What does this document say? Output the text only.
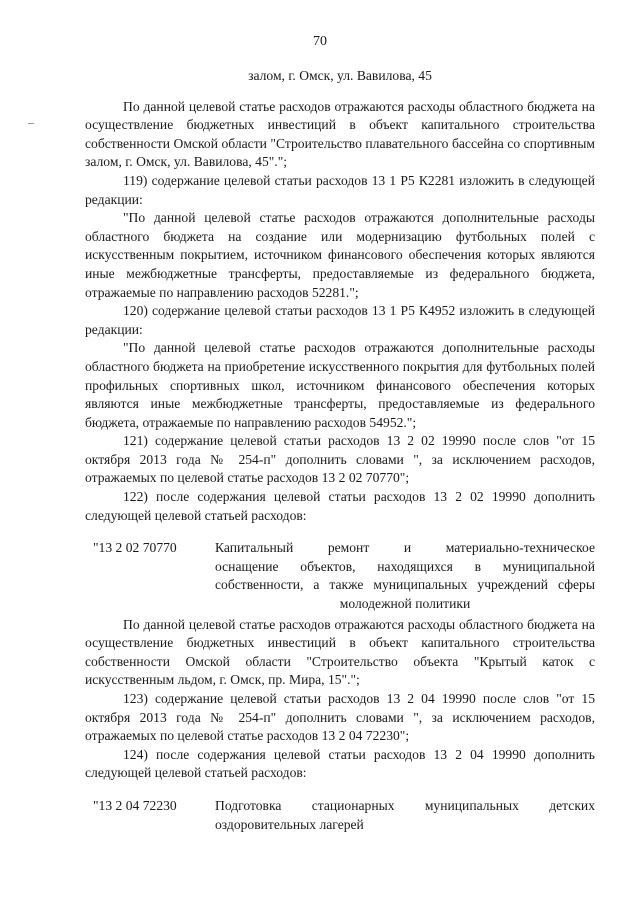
70

залом, г. Омск, ул. Вавилова, 45

По данной целевой статье расходов отражаются расходы областного бюджета на осуществление бюджетных инвестиций в объект капитального строительства собственности Омской области "Строительство плавательного бассейна со спортивным залом, г. Омск, ул. Вавилова, 45".";

119) содержание целевой статьи расходов 13 1 Р5 К2281 изложить в следующей редакции:

"По данной целевой статье расходов отражаются дополнительные расходы областного бюджета на создание или модернизацию футбольных полей с искусственным покрытием, источником финансового обеспечения которых являются иные межбюджетные трансферты, предоставляемые из федерального бюджета, отражаемые по направлению расходов 52281.";

120) содержание целевой статьи расходов 13 1 Р5 К4952 изложить в следующей редакции:

"По данной целевой статье расходов отражаются дополнительные расходы областного бюджета на приобретение искусственного покрытия для футбольных полей профильных спортивных школ, источником финансового обеспечения которых являются иные межбюджетные трансферты, предоставляемые из федерального бюджета, отражаемые по направлению расходов 54952.";

121) содержание целевой статьи расходов 13 2 02 19990 после слов "от 15 октября 2013 года № 254-п" дополнить словами ", за исключением расходов, отражаемых по целевой статье расходов 13 2 02 70770";

122) после содержания целевой статьи расходов 13 2 02 19990 дополнить следующей целевой статьей расходов:

"13 2 02 70770	Капитальный ремонт и материально-техническое
оснащение объектов, находящихся в муниципальной
собственности, а также муниципальных учреждений сферы
молодежной политики

По данной целевой статье расходов отражаются расходы областного бюджета на осуществление бюджетных инвестиций в объект капитального строительства собственности Омской области "Строительство объекта "Крытый каток с искусственным льдом, г. Омск, пр. Мира, 15".";

123) содержание целевой статьи расходов 13 2 04 19990 после слов "от 15 октября 2013 года № 254-п" дополнить словами ", за исключением расходов, отражаемых по целевой статье расходов 13 2 04 72230";

124) после содержания целевой статьи расходов 13 2 04 19990 дополнить следующей целевой статьей расходов:

"13 2 04 72230	Подготовка стационарных муниципальных детских
оздоровительных лагерей
